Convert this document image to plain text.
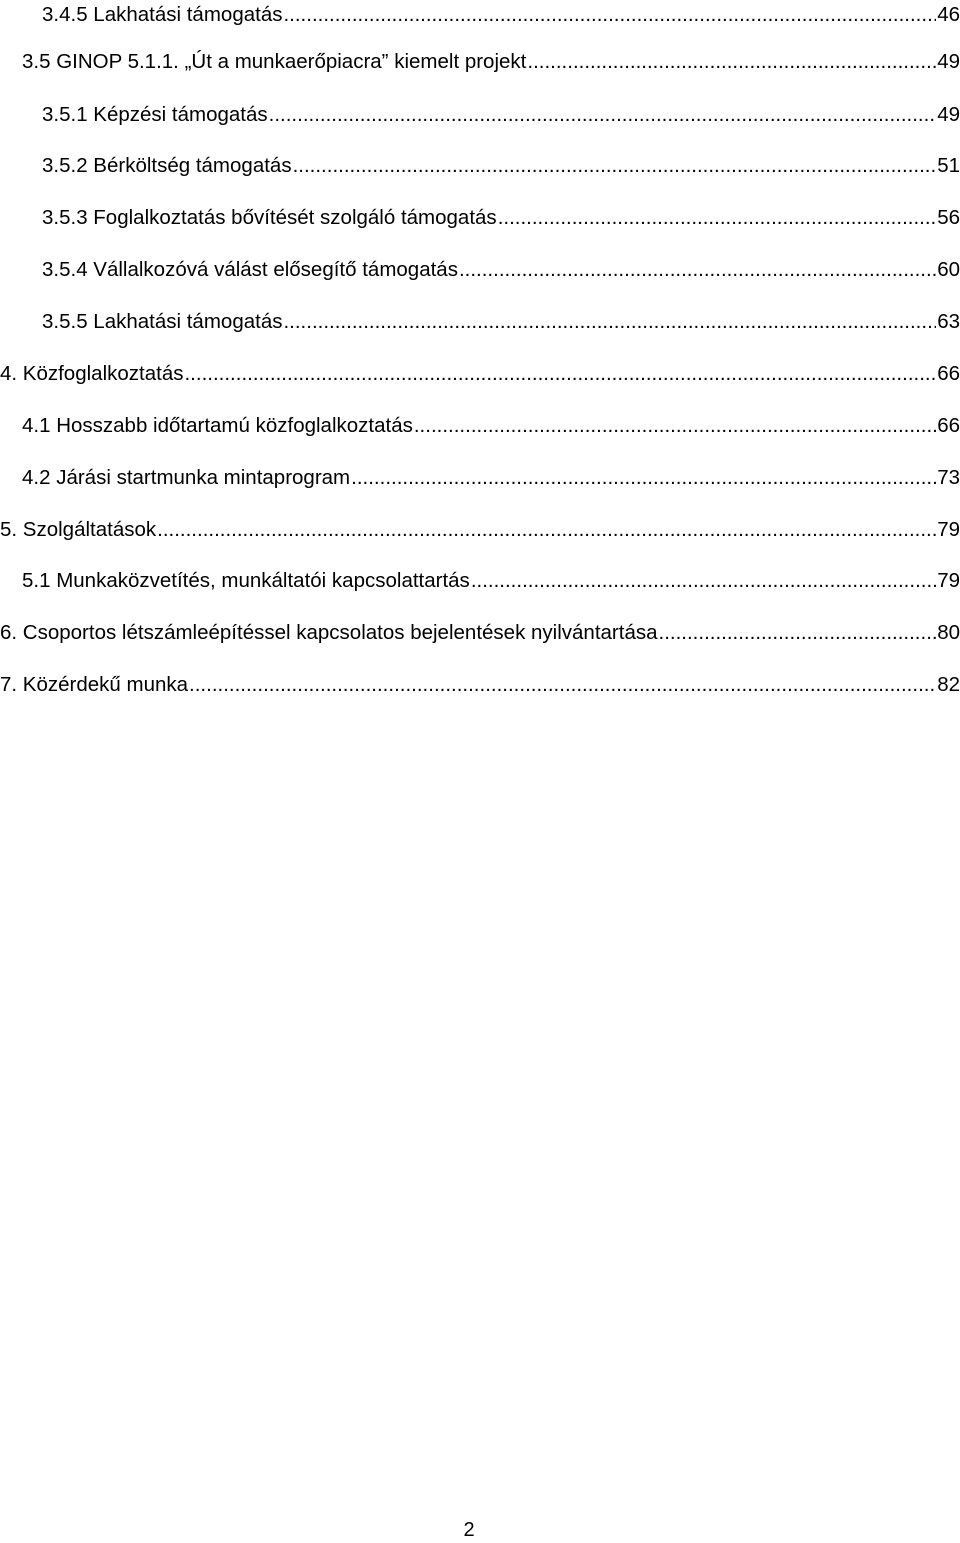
3.4.5 Lakhatási támogatás .....	46
3.5 GINOP 5.1.1. „Út a munkaerőpiacra” kiemelt projekt .....	49
3.5.1 Képzési támogatás .....	49
3.5.2 Bérköltség támogatás .....	51
3.5.3 Foglalkoztatás bővítését szolgáló támogatás .....	56
3.5.4 Vállalkozóvá válást elősegítő támogatás .....	60
3.5.5 Lakhatási támogatás .....	63
4. Közfoglalkoztatás .....	66
4.1 Hosszabb időtartamú közfoglalkoztatás .....	66
4.2 Járási startmunka mintaprogram .....	73
5. Szolgáltatások .....	79
5.1 Munkaközvetítés, munkáltatói kapcsolattartás .....	79
6. Csoportos létszámleépítéssel kapcsolatos bejelentések nyilvántartása .....	80
7. Közérdekű munka .....	82
2
